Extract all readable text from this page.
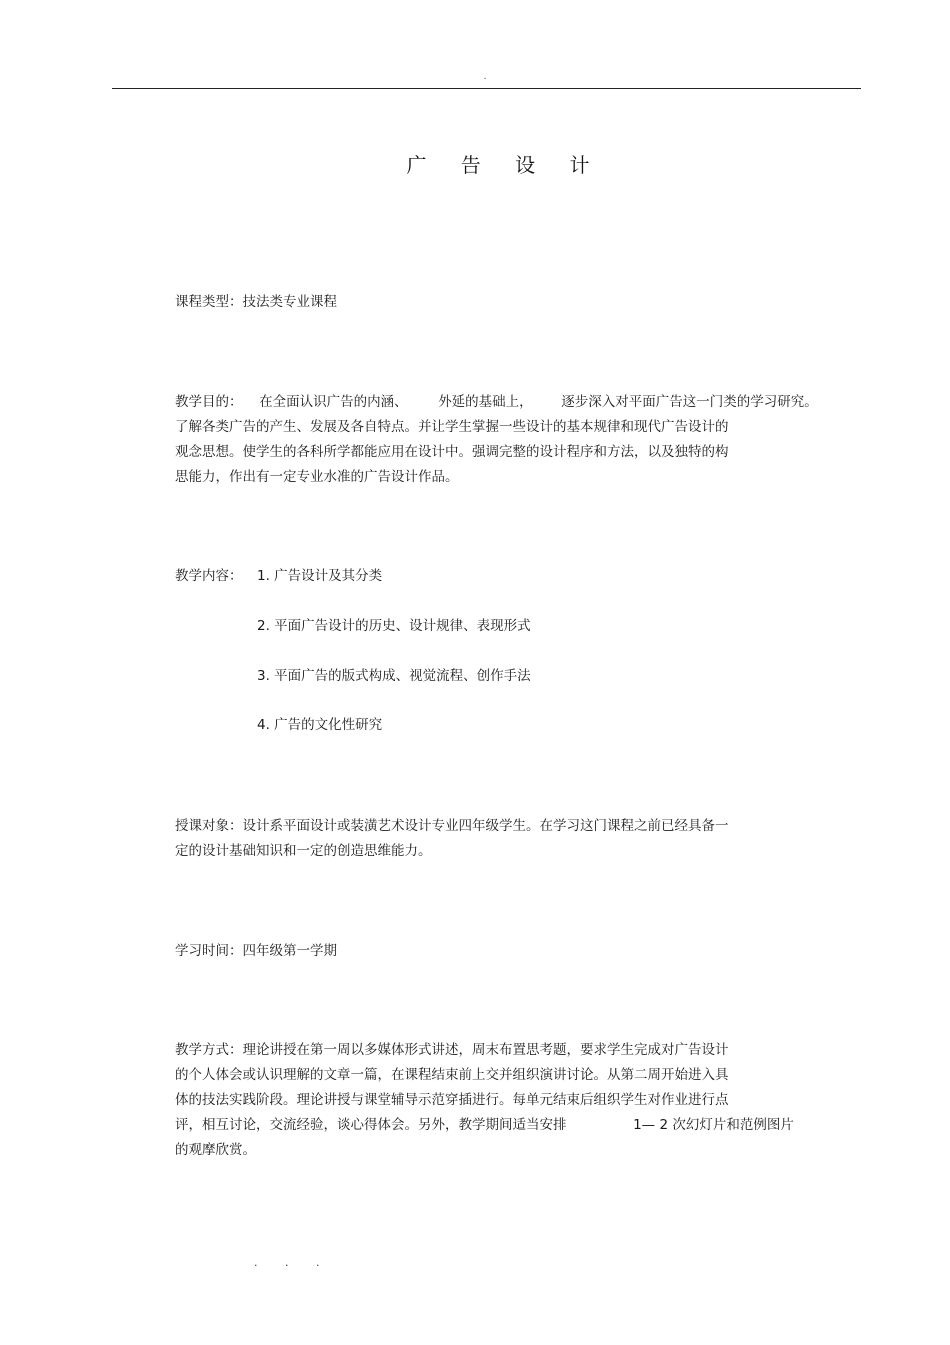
.
广 告 设 计
课程类型：技法类专业课程
教学目的： 在全面认识广告的内涵、 外延的基础上， 逐步深入对平面广告这一门类的学习研究。
了解各类广告的产生、发展及各自特点。并让学生掌握一些设计的基本规律和现代广告设计的
观念思想。使学生的各科所学都能应用在设计中。强调完整的设计程序和方法，以及独特的构
思能力，作出有一定专业水准的广告设计作品。
教学内容： 1. 广告设计及其分类
2. 平面广告设计的历史、设计规律、表现形式
3. 平面广告的版式构成、视觉流程、创作手法
4. 广告的文化性研究
授课对象：设计系平面设计或装潢艺术设计专业四年级学生。在学习这门课程之前已经具备一
定的设计基础知识和一定的创造思维能力。
学习时间：四年级第一学期
教学方式：理论讲授在第一周以多媒体形式讲述，周末布置思考题，要求学生完成对广告设计
的个人体会或认识理解的文章一篇，在课程结束前上交并组织演讲讨论。从第二周开始进入具
体的技法实践阶段。理论讲授与课堂辅导示范穿插进行。每单元结束后组织学生对作业进行点
评，相互讨论，交流经验，谈心得体会。另外，教学期间适当安排	1— 2 次幻灯片和范例图片
的观摩欣赏。
. . .
